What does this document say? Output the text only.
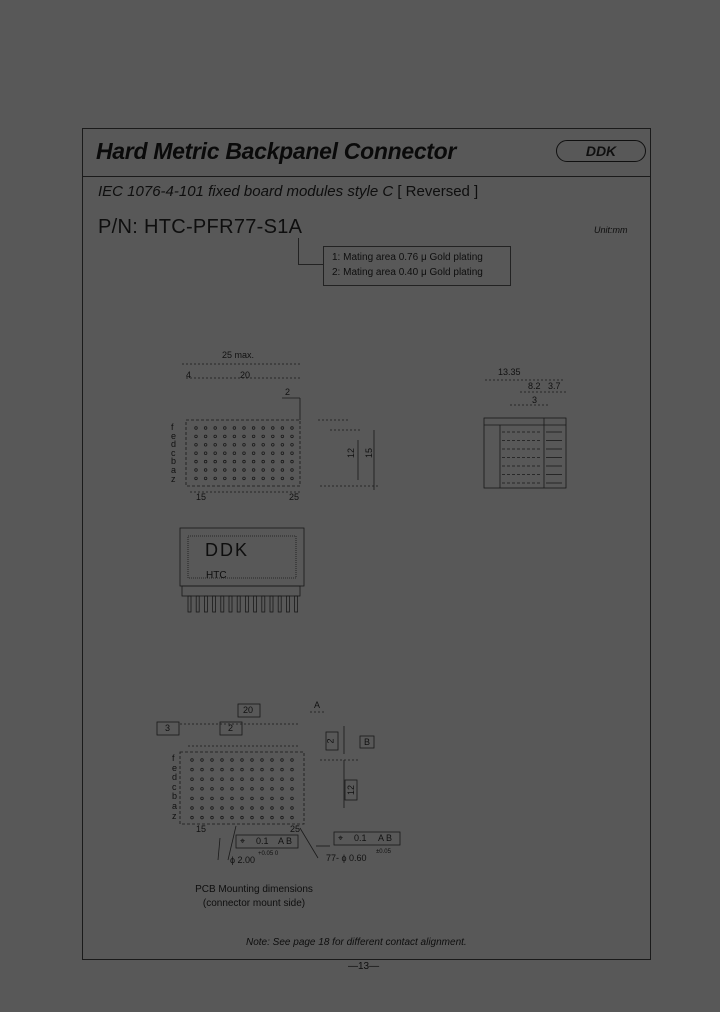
Hard Metric Backpanel Connector	DDK
IEC 1076-4-101 fixed board modules style C [ Reversed ]
P/N: HTC-PFR77-S1A	Unit:mm
1: Mating area 0.76 μ Gold plating
2: Mating area 0.40 μ Gold plating
25 max.
4	20
2
12 15
15	25
f
e
d
c
b
a
z
13.35
8.2 3.7
3
DDK
HTC
3	2
20	A
B
2
12
15	25
f
e
d
c
b
a
z
⌖ 0.1 A B
ϕ 2.00
+0.05 0
⌖ 0.1 A B
77- ϕ 0.60
±0.05
PCB Mounting dimensions
(connector mount side)
Note: See page 18 for different contact alignment.
—13—
